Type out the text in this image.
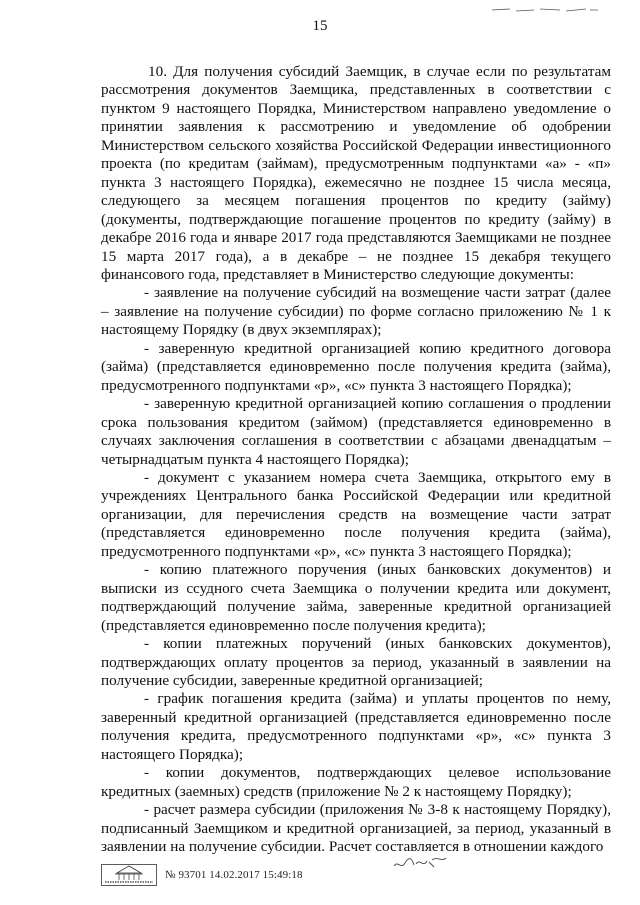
15

10. Для получения субсидий Заемщик, в случае если по результатам рассмотрения документов Заемщика, представленных в соответствии с пунктом 9 настоящего Порядка, Министерством направлено уведомление о принятии заявления к рассмотрению и уведомление об одобрении Министерством сельского хозяйства Российской Федерации инвестиционного проекта (по кредитам (займам), предусмотренным подпунктами «а» - «п» пункта 3 настоящего Порядка), ежемесячно не позднее 15 числа месяца, следующего за месяцем погашения процентов по кредиту (займу) (документы, подтверждающие погашение процентов по кредиту (займу) в декабре 2016 года и январе 2017 года представляются Заемщиками не позднее 15 марта 2017 года), а в декабре – не позднее 15 декабря текущего финансового года, представляет в Министерство следующие документы:

- заявление на получение субсидий на возмещение части затрат (далее – заявление на получение субсидии) по форме согласно приложению № 1 к настоящему Порядку (в двух экземплярах);

- заверенную кредитной организацией копию кредитного договора (займа) (представляется единовременно после получения кредита (займа), предусмотренного подпунктами «р», «с» пункта 3 настоящего Порядка);

- заверенную кредитной организацией копию соглашения о продлении срока пользования кредитом (займом) (представляется единовременно в случаях заключения соглашения в соответствии с абзацами двенадцатым – четырнадцатым пункта 4 настоящего Порядка);

- документ с указанием номера счета Заемщика, открытого ему в учреждениях Центрального банка Российской Федерации или кредитной организации, для перечисления средств на возмещение части затрат (представляется единовременно после получения кредита (займа), предусмотренного подпунктами «р», «с» пункта 3 настоящего Порядка);

- копию платежного поручения (иных банковских документов) и выписки из ссудного счета Заемщика о получении кредита или документ, подтверждающий получение займа, заверенные кредитной организацией (представляется единовременно после получения кредита);

- копии платежных поручений (иных банковских документов), подтверждающих оплату процентов за период, указанный в заявлении на получение субсидии, заверенные кредитной организацией;

- график погашения кредита (займа) и уплаты процентов по нему, заверенный кредитной организацией (представляется единовременно после получения кредита, предусмотренного подпунктами «р», «с» пункта 3 настоящего Порядка);

- копии документов, подтверждающих целевое использование кредитных (заемных) средств (приложение № 2 к настоящему Порядку);

- расчет размера субсидии (приложения № 3-8 к настоящему Порядку), подписанный Заемщиком и кредитной организацией, за период, указанный в заявлении на получение субсидии. Расчет составляется в отношении каждого

№ 93701 14.02.2017 15:49:18
